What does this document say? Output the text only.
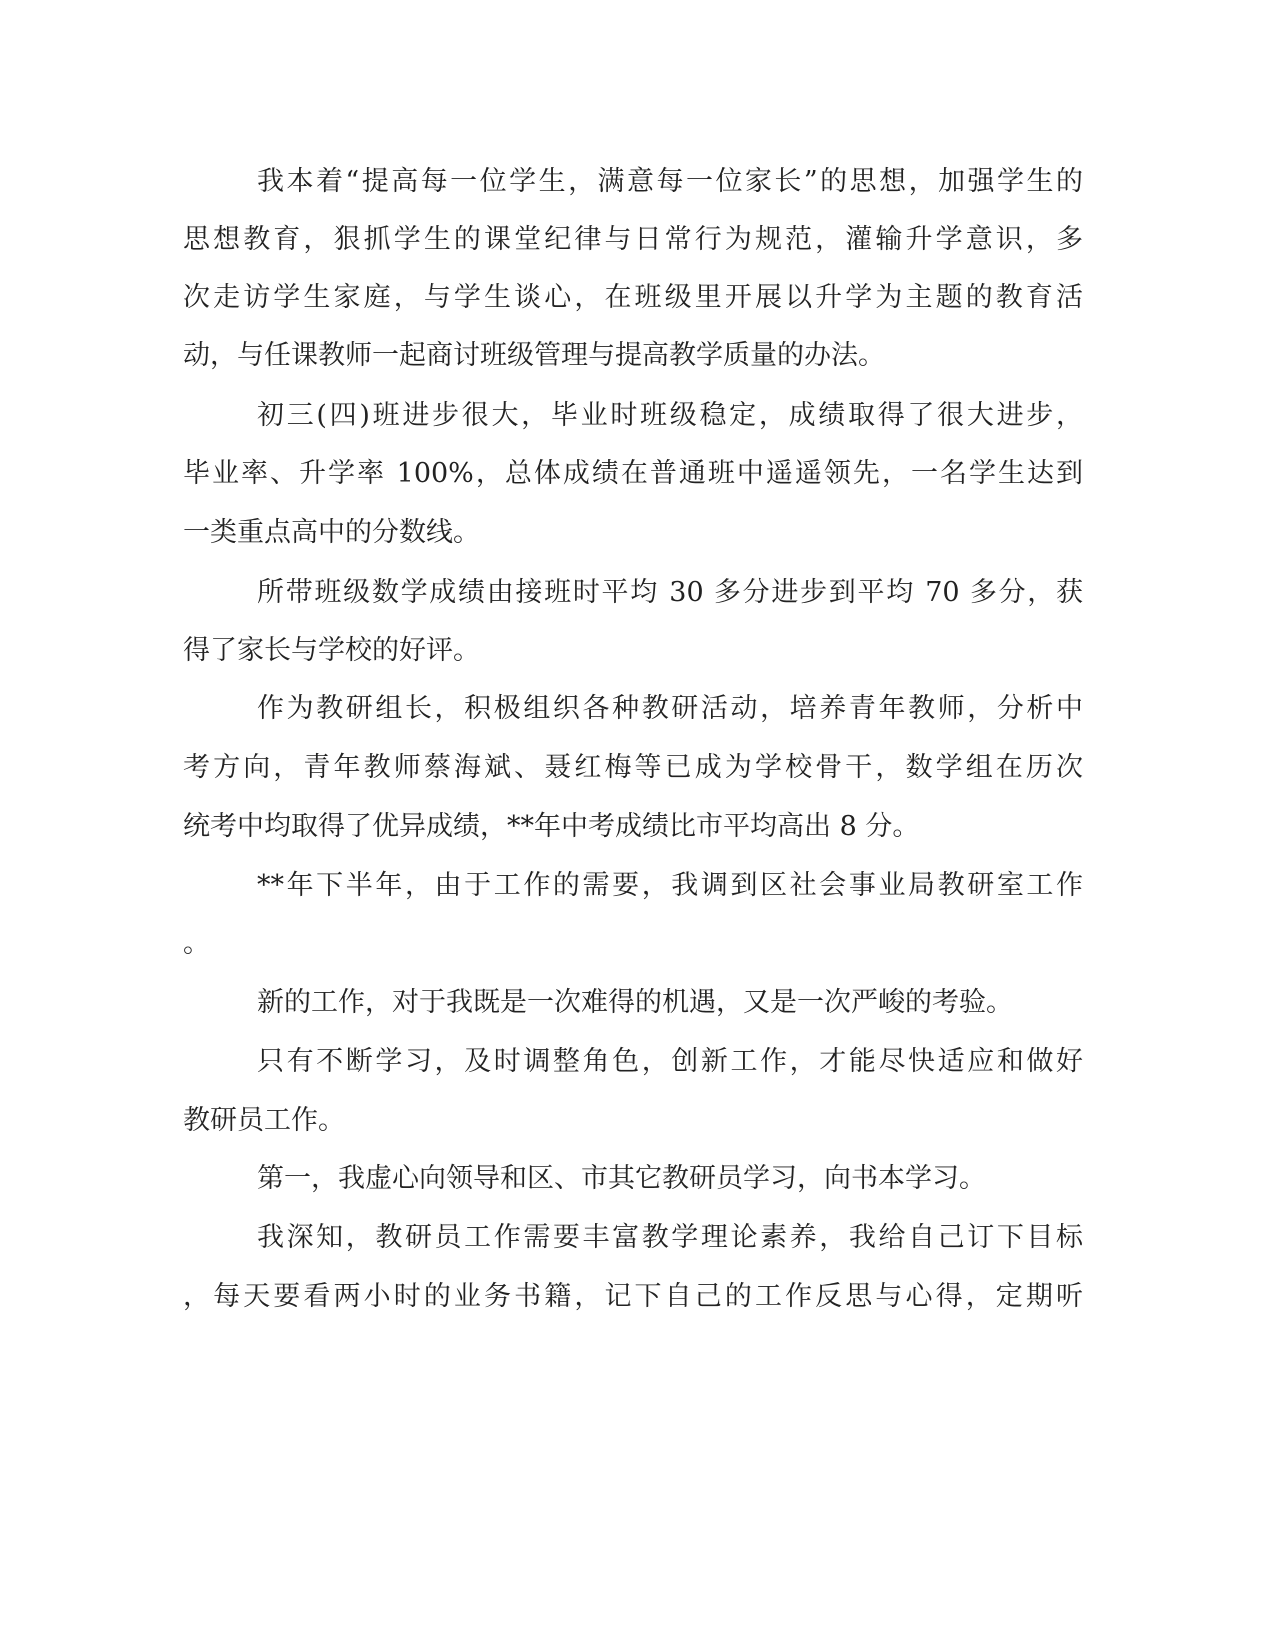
我本着“提高每一位学生，满意每一位家长”的思想，加强学生的
思想教育，狠抓学生的课堂纪律与日常行为规范，灌输升学意识，多
次走访学生家庭，与学生谈心，在班级里开展以升学为主题的教育活
动，与任课教师一起商讨班级管理与提高教学质量的办法。
初三(四)班进步很大，毕业时班级稳定，成绩取得了很大进步，
毕业率、升学率 100%，总体成绩在普通班中遥遥领先，一名学生达到
一类重点高中的分数线。
所带班级数学成绩由接班时平均 30 多分进步到平均 70 多分，获
得了家长与学校的好评。
作为教研组长，积极组织各种教研活动，培养青年教师，分析中
考方向，青年教师蔡海斌、聂红梅等已成为学校骨干，数学组在历次
统考中均取得了优异成绩，**年中考成绩比市平均高出 8 分。
**年下半年，由于工作的需要，我调到区社会事业局教研室工作
。
新的工作，对于我既是一次难得的机遇，又是一次严峻的考验。
只有不断学习，及时调整角色，创新工作，才能尽快适应和做好
教研员工作。
第一，我虚心向领导和区、市其它教研员学习，向书本学习。
我深知，教研员工作需要丰富教学理论素养，我给自己订下目标
，每天要看两小时的业务书籍，记下自己的工作反思与心得，定期听
